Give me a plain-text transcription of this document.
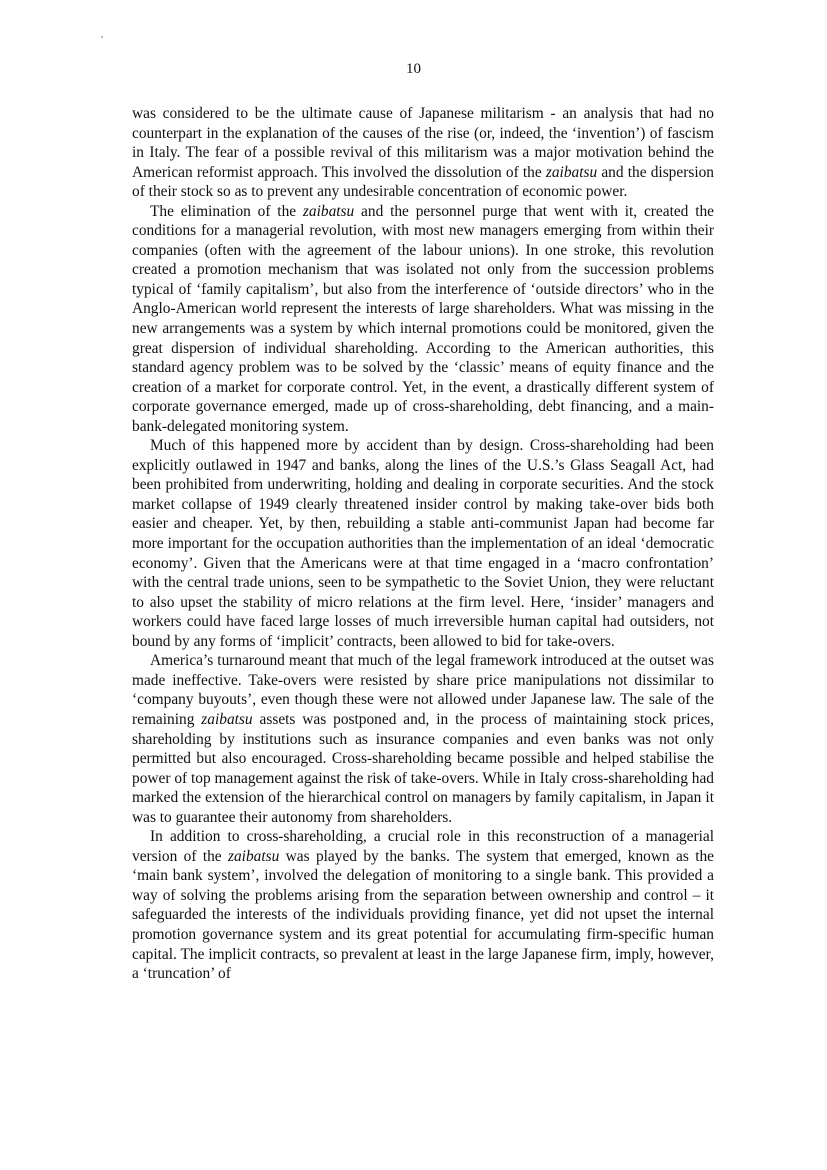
10

was considered to be the ultimate cause of Japanese militarism - an analysis that had no counterpart in the explanation of the causes of the rise (or, indeed, the ‘invention’) of fascism in Italy. The fear of a possible revival of this militarism was a major motivation behind the American reformist approach. This involved the dissolution of the zaibatsu and the dispersion of their stock so as to prevent any undesirable concentration of economic power.

The elimination of the zaibatsu and the personnel purge that went with it, created the conditions for a managerial revolution, with most new managers emerging from within their companies (often with the agreement of the labour unions). In one stroke, this revolution created a promotion mechanism that was isolated not only from the succession problems typical of ‘family capitalism’, but also from the interference of ‘outside directors’ who in the Anglo-American world represent the interests of large shareholders. What was missing in the new arrangements was a system by which internal promotions could be monitored, given the great dispersion of individual shareholding. According to the American authorities, this standard agency problem was to be solved by the ‘classic’ means of equity finance and the creation of a market for corporate control. Yet, in the event, a drastically different system of corporate governance emerged, made up of cross-shareholding, debt financing, and a main-bank-delegated monitoring system.

Much of this happened more by accident than by design. Cross-shareholding had been explicitly outlawed in 1947 and banks, along the lines of the U.S.’s Glass Seagall Act, had been prohibited from underwriting, holding and dealing in corporate securities. And the stock market collapse of 1949 clearly threatened insider control by making take-over bids both easier and cheaper. Yet, by then, rebuilding a stable anti-communist Japan had become far more important for the occupation authorities than the implementation of an ideal ‘democratic economy’. Given that the Americans were at that time engaged in a ‘macro confrontation’ with the central trade unions, seen to be sympathetic to the Soviet Union, they were reluctant to also upset the stability of micro relations at the firm level. Here, ‘insider’ managers and workers could have faced large losses of much irreversible human capital had outsiders, not bound by any forms of ‘implicit’ contracts, been allowed to bid for take-overs.

America’s turnaround meant that much of the legal framework introduced at the outset was made ineffective. Take-overs were resisted by share price manipulations not dissimilar to ‘company buyouts’, even though these were not allowed under Japanese law. The sale of the remaining zaibatsu assets was postponed and, in the process of maintaining stock prices, shareholding by institutions such as insurance companies and even banks was not only permitted but also encouraged. Cross-shareholding became possible and helped stabilise the power of top management against the risk of take-overs. While in Italy cross-shareholding had marked the extension of the hierarchical control on managers by family capitalism, in Japan it was to guarantee their autonomy from shareholders.

In addition to cross-shareholding, a crucial role in this reconstruction of a managerial version of the zaibatsu was played by the banks. The system that emerged, known as the ‘main bank system’, involved the delegation of monitoring to a single bank. This provided a way of solving the problems arising from the separation between ownership and control – it safeguarded the interests of the individuals providing finance, yet did not upset the internal promotion governance system and its great potential for accumulating firm-specific human capital. The implicit contracts, so prevalent at least in the large Japanese firm, imply, however, a ‘truncation’ of
